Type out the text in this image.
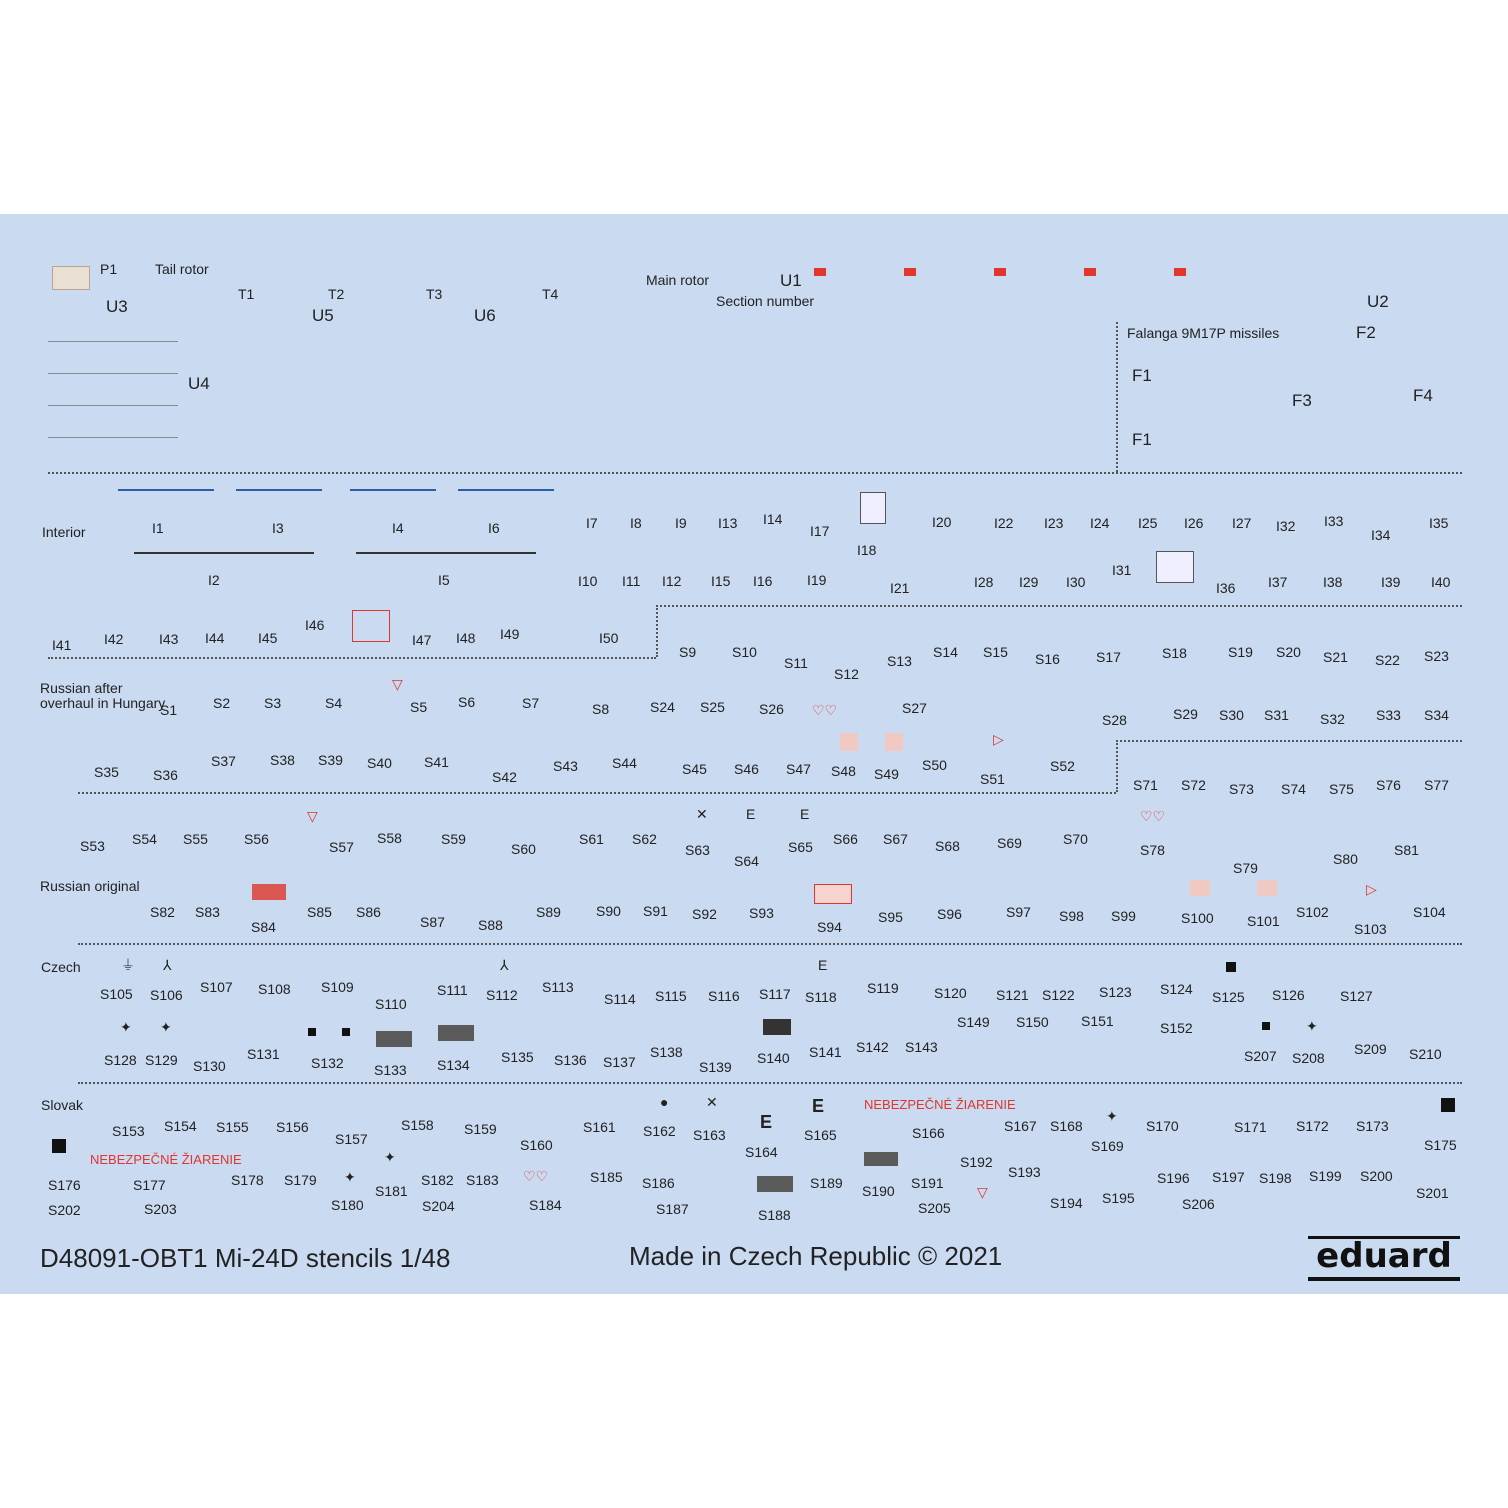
Tail rotor
Main rotor
Section number
Falanga 9M17P missiles
Interior
Russian after
overhaul in Hungary
Russian original
Czech
Slovak	NEBEZPEČNÉ ŽIARENIE
NEBEZPEČNÉ ŽIARENIE
▽
♡♡
▷
▽	✕	E	E	♡♡
▷
⏚ ⅄	⅄	E
✦ ✦	✦
●	✕
E
E	✦
✦
✦
♡♡
▽
P1
T1	T2	T3	T4
U1
U2
U3
U4
U5	U6
F1
F1
F2
F3	F4
I1	I3	I4	I6
I2	I5
I7 I8 I9 I13 I14
I17
I18
I20	I22 I23 I24 I25 I26 I27 I32 I33
I34
I35
I10 I11 I12 I15 I16 I19	I21	I28 I29 I30
I31
I36 I37	I38	I39 I40
I41 I42	I43 I44 I45
I46
I47 I48 I49	I50
S9	S10
S11
S12
S13
S14 S15 S16	S17	S18	S19 S20 S21 S22 S23
S1	S2 S3	S4	S5 S6	S7	S8	S24 S25 S26	S27
S28	S29 S30 S31 S32 S33 S34
S35 S36
S37 S38 S39 S40 S41
S42
S43 S44	S45 S46 S47 S48 S49
S50
S51
S52
S71 S72 S73 S74 S75 S76 S77
S53 S54 S55	S56	S57
S58	S59
S60
S61 S62
S63
S64
S65 S66 S67 S68	S69	S70
S78
S79
S80
S81
S82 S83
S84
S85 S86
S87 S88
S89	S90 S91 S92 S93
S94
S95 S96	S97 S98 S99	S100 S101
S102
S103
S104
S105 S106 S107 S108 S109
S110
S111 S112 S113
S114 S115 S116 S117 S118
S119	S120 S121 S122 S123 S124 S125 S126	S127
S128 S129 S130
S131
S132 S133 S134 S135 S136 S137
S138
S139
S140 S141 S142 S143
S149 S150 S151	S152
S207 S208
S209 S210
S153 S154 S155 S156
S157
S158 S159
S160
S161 S162 S163
S164
S165	S166	S167 S168
S169
S170	S171 S172 S173
S175
S176	S177	S178 S179
S180
S181
S182 S183
S184
S185 S186
S187	S188
S189 S190 S191
S192
S193
S194 S195
S196 S197 S198 S199 S200
S201
S202	S203	S204	S205	S206
D48091-OBT1 Mi-24D stencils 1/48	Made in Czech Republic © 2021	eduard
